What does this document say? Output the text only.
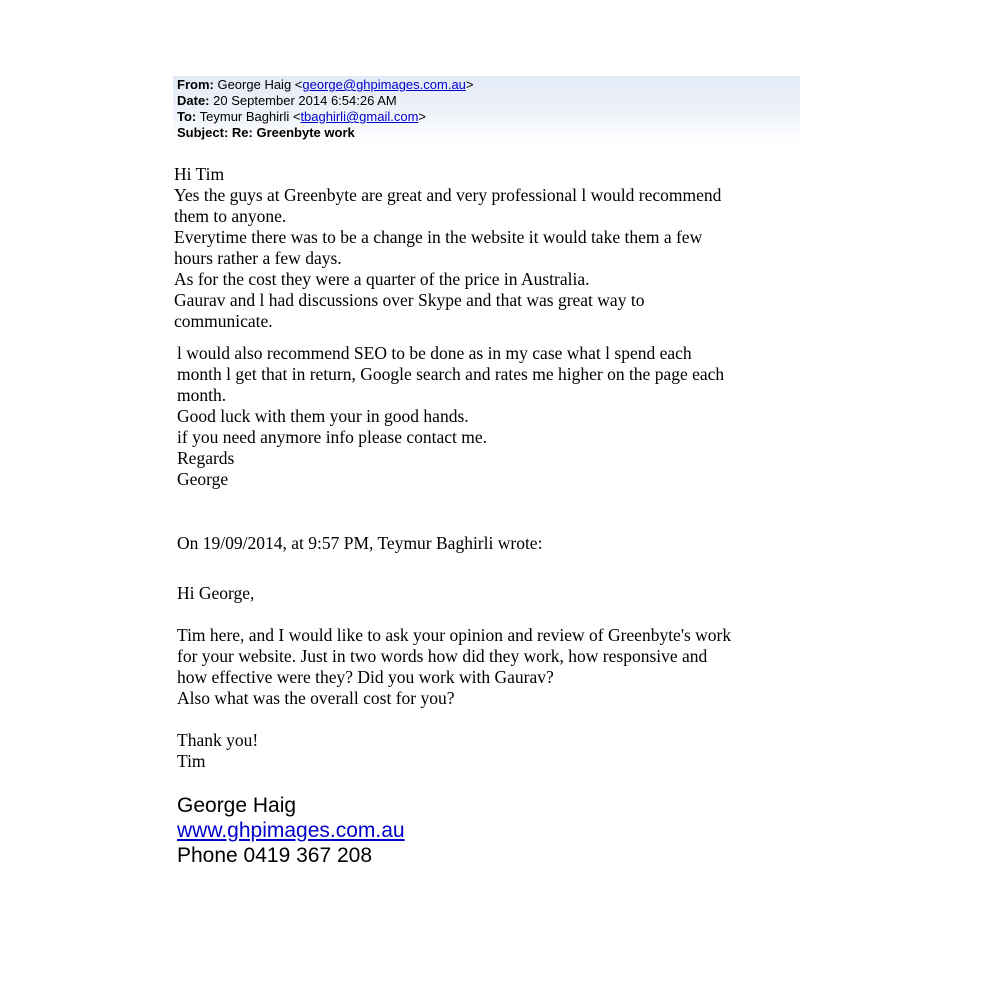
From: George Haig <george@ghpimages.com.au>
Date: 20 September 2014 6:54:26 AM
To: Teymur Baghirli <tbaghirli@gmail.com>
Subject: Re: Greenbyte work
Hi Tim
Yes the guys at Greenbyte are great and very professional l would recommend
them to anyone.
Everytime there was to be a change in the website it would take them a few
hours rather a few days.
As for the cost they were a quarter of the price in Australia.
Gaurav and l had discussions over Skype and that was great way to
communicate.
l would also recommend SEO to be done as in my case what l spend each
month l get that in return, Google search and rates me higher on the page each
month.
Good luck with them your in good hands.
if you need anymore info please contact me.
Regards
George
On 19/09/2014, at 9:57 PM, Teymur Baghirli wrote:
Hi George,
Tim here, and I would like to ask your opinion and review of Greenbyte's work
for your website. Just in two words how did they work, how responsive and
how effective were they? Did you work with Gaurav?
Also what was the overall cost for you?
Thank you!
Tim
George Haig
www.ghpimages.com.au
Phone 0419 367 208
